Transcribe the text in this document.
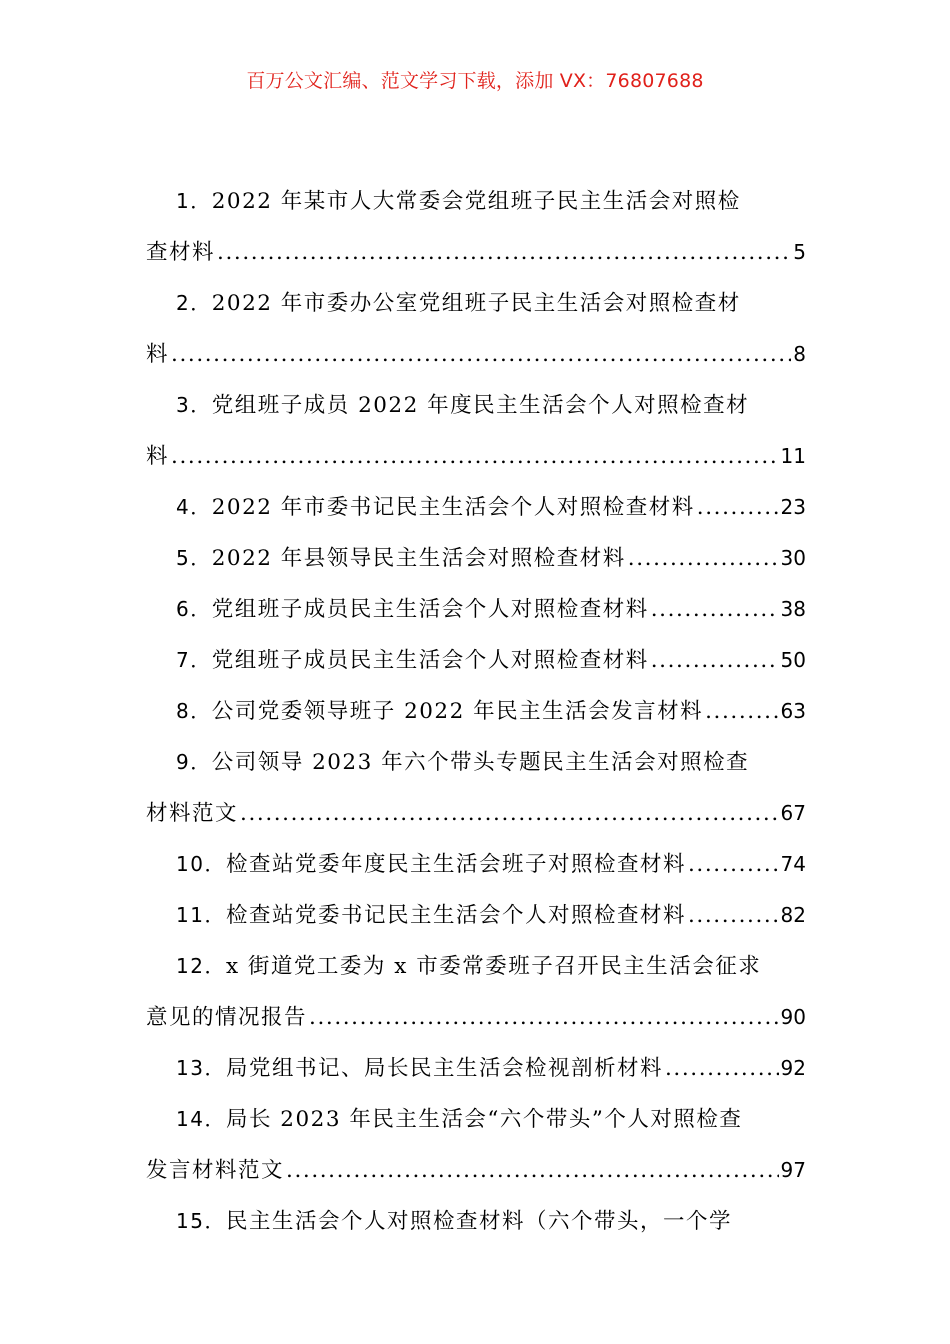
百万公文汇编、范文学习下载，添加 VX：76807688
1．2022 年某市人大常委会党组班子民主生活会对照检
查材料 .....	5
2．2022 年市委办公室党组班子民主生活会对照检查材
料 .....	8
3．党组班子成员 2022 年度民主生活会个人对照检查材
料 .....	11
4．2022 年市委书记民主生活会个人对照检查材料 .....	23
5．2022 年县领导民主生活会对照检查材料 .....	30
6．党组班子成员民主生活会个人对照检查材料 .....	38
7．党组班子成员民主生活会个人对照检查材料 .....	50
8．公司党委领导班子 2022 年民主生活会发言材料 .....	63
9．公司领导 2023 年六个带头专题民主生活会对照检查
材料范文 .....	67
10．检查站党委年度民主生活会班子对照检查材料 .....	74
11．检查站党委书记民主生活会个人对照检查材料 .....	82
12．x 街道党工委为 x 市委常委班子召开民主生活会征求
意见的情况报告 .....	90
13．局党组书记、局长民主生活会检视剖析材料 .....	92
14．局长 2023 年民主生活会“六个带头”个人对照检查
发言材料范文 .....	97
15．民主生活会个人对照检查材料（六个带头，一个学
